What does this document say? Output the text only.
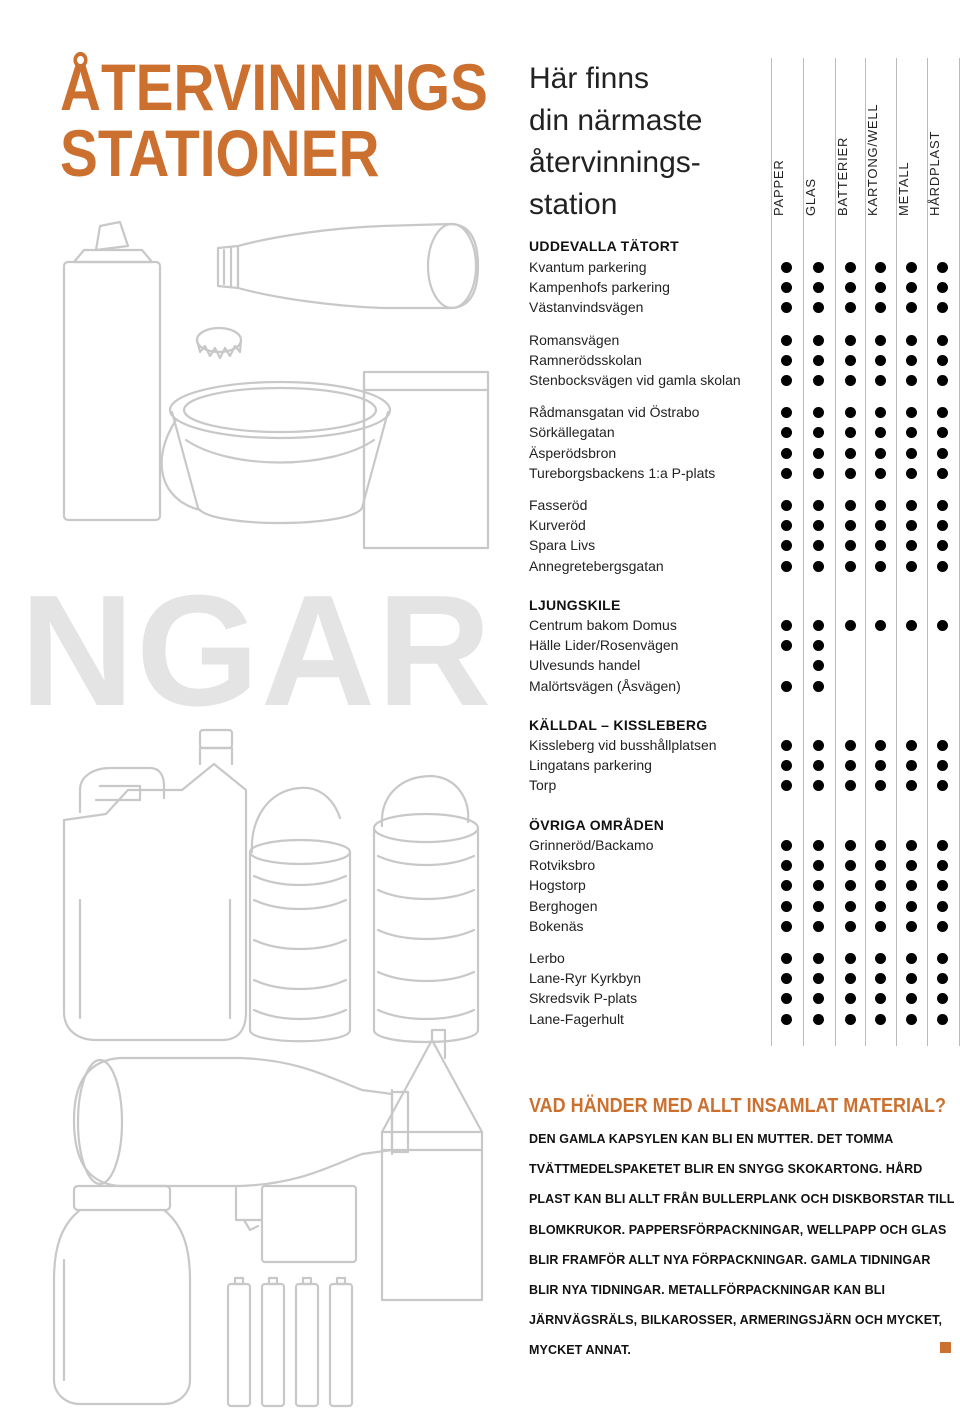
NGAR
ÅTERVINNINGS
STATIONER
Här finns
din närmaste
återvinnings-
station	PAPPER GLAS BATTERIER KARTONG/WELL METALL HÅRDPLAST
UDDEVALLA TÄTORT
Kvantum parkering
Kampenhofs parkering
Västanvindsvägen
Romansvägen
Ramnerödsskolan
Stenbocksvägen vid gamla skolan
Rådmansgatan vid Östrabo
Sörkällegatan
Äsperödsbron
Tureborgsbackens 1:a P-plats
Fasseröd
Kurveröd
Spara Livs
Annegretebergsgatan
LJUNGSKILE
Centrum bakom Domus
Hälle Lider/Rosenvägen
Ulvesunds handel
Malörtsvägen (Åsvägen)
KÄLLDAL – KISSLEBERG
Kissleberg vid busshållplatsen
Lingatans parkering
Torp
ÖVRIGA OMRÅDEN
Grinneröd/Backamo
Rotviksbro
Hogstorp
Berghogen
Bokenäs
Lerbo
Lane-Ryr Kyrkbyn
Skredsvik P-plats
Lane-Fagerhult
VAD HÄNDER MED ALLT INSAMLAT MATERIAL?

DEN GAMLA KAPSYLEN KAN BLI EN MUTTER. DET TOMMA TVÄTTMEDELSPAKETET BLIR EN SNYGG SKOKARTONG. HÅRD PLAST KAN BLI ALLT FRÅN BULLERPLANK OCH DISKBORSTAR TILL BLOMKRUKOR. PAPPERSFÖRPACKNINGAR, WELLPAPP OCH GLAS BLIR FRAMFÖR ALLT NYA FÖRPACKNINGAR. GAMLA TIDNINGAR BLIR NYA TIDNINGAR. METALLFÖRPACKNINGAR KAN BLI JÄRNVÄGSRÄLS, BILKAROSSER, ARMERINGSJÄRN OCH MYCKET, MYCKET ANNAT.
